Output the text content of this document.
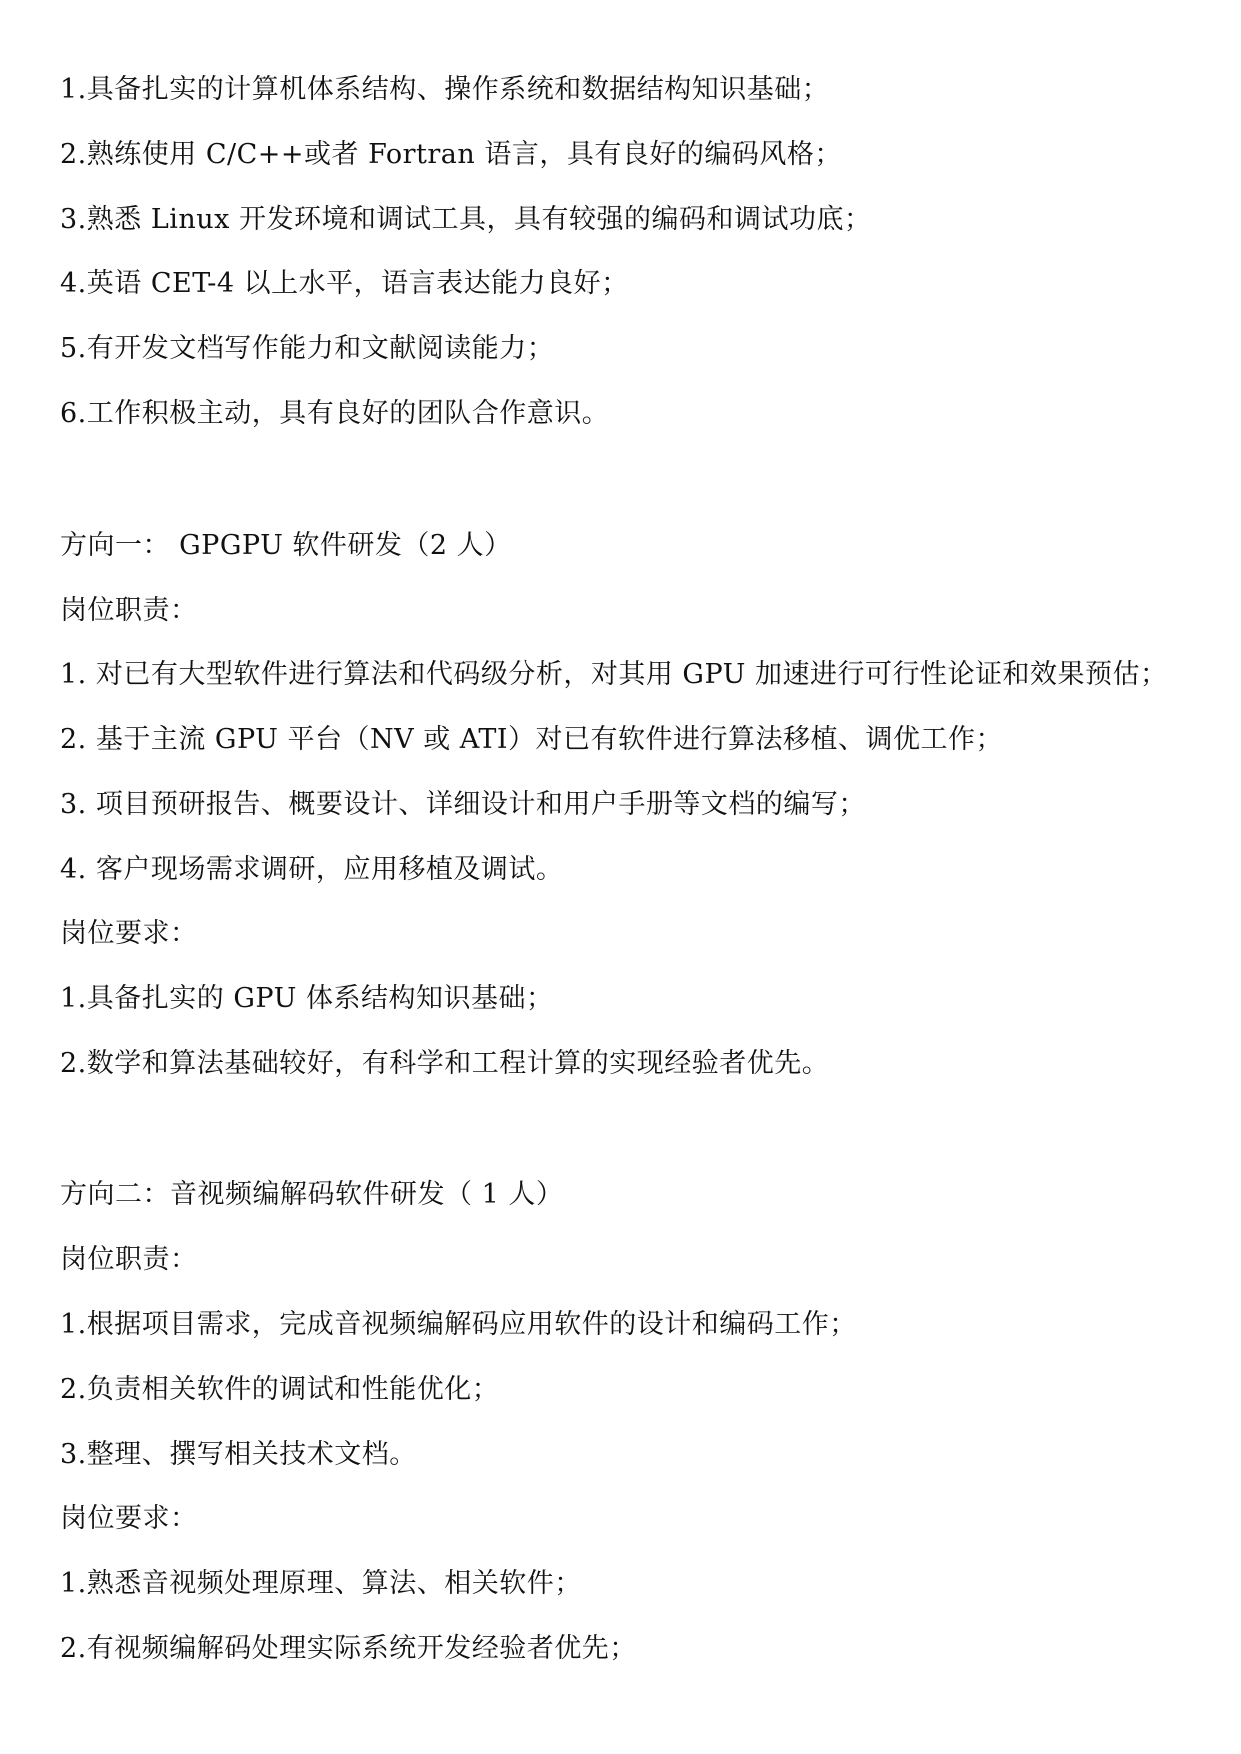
1.具备扎实的计算机体系结构、操作系统和数据结构知识基础；
2.熟练使用 C/C++或者 Fortran 语言，具有良好的编码风格；
3.熟悉 Linux 开发环境和调试工具，具有较强的编码和调试功底；
4.英语 CET-4 以上水平，语言表达能力良好；
5.有开发文档写作能力和文献阅读能力；
6.工作积极主动，具有良好的团队合作意识。
方向一： GPGPU 软件研发（2 人）
岗位职责：
1. 对已有大型软件进行算法和代码级分析，对其用 GPU 加速进行可行性论证和效果预估；
2. 基于主流 GPU 平台（NV 或 ATI）对已有软件进行算法移植、调优工作；
3. 项目预研报告、概要设计、详细设计和用户手册等文档的编写；
4. 客户现场需求调研，应用移植及调试。
岗位要求：
1.具备扎实的 GPU 体系结构知识基础；
2.数学和算法基础较好，有科学和工程计算的实现经验者优先。
方向二：音视频编解码软件研发（ 1 人）
岗位职责：
1.根据项目需求，完成音视频编解码应用软件的设计和编码工作；
2.负责相关软件的调试和性能优化；
3.整理、撰写相关技术文档。
岗位要求：
1.熟悉音视频处理原理、算法、相关软件；
2.有视频编解码处理实际系统开发经验者优先；
